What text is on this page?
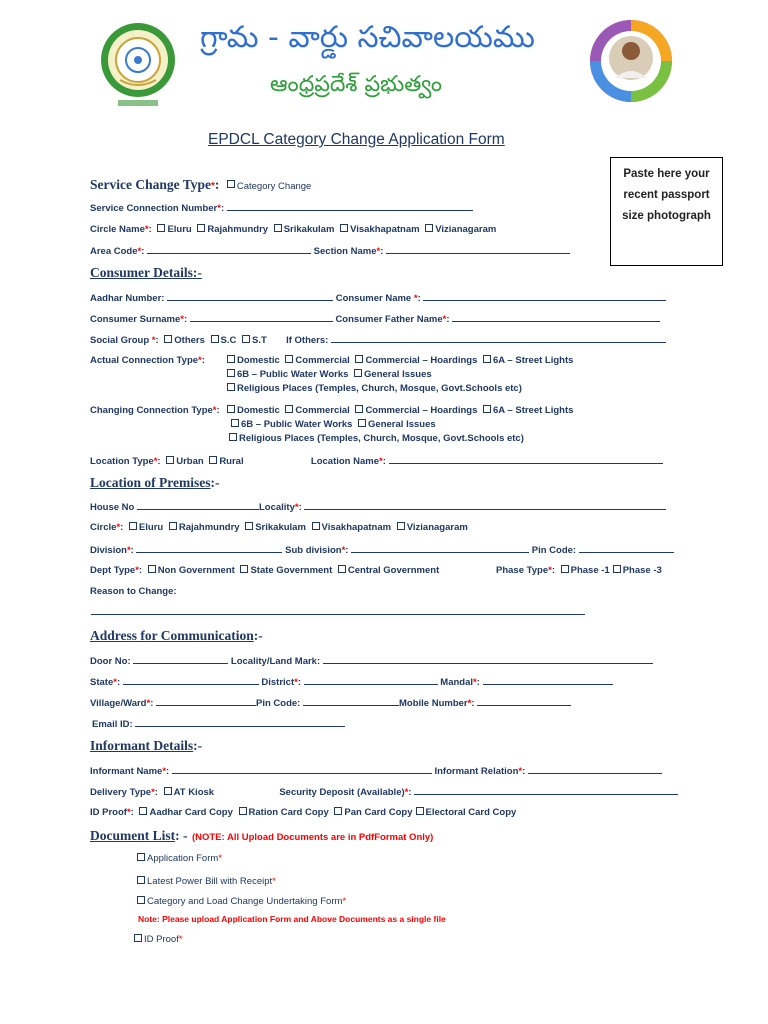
గ్రామ - వార్డు సచివాలయము
ఆంధ్రప్రదేశ్ ప్రభుత్వం
EPDCL Category Change Application Form
Paste here your recent passport size photograph
Service Change Type*: Category Change
Service Connection Number*:
Circle Name*: Eluru Rajahmundry Srikakulam Visakhapatnam Vizianagaram
Area Code*:	Section Name*:
Consumer Details:-
Aadhar Number:	Consumer Name *:
Consumer Surname*:	Consumer Father Name*:
Social Group *: Others S.C S.T If Others:
Actual Connection Type*:	Domestic Commercial Commercial – Hoardings 6A – Street Lights
6B – Public Water Works General Issues
Religious Places (Temples, Church, Mosque, Govt.Schools etc)
Changing Connection Type*:	Domestic Commercial Commercial – Hoardings 6A – Street Lights
6B – Public Water Works General Issues
Religious Places (Temples, Church, Mosque, Govt.Schools etc)
Location Type*: Urban Rural	Location Name*:
Location of Premises:-
House No	Locality*:
Circle*: Eluru Rajahmundry Srikakulam Visakhapatnam Vizianagaram
Division*:	Sub division*:	Pin Code:
Dept Type*: Non Government State Government Central Government	Phase Type*: Phase -1 Phase -3
Reason to Change:
Address for Communication:-
Door No:	Locality/Land Mark:
State*:	District*:	Mandal*:
Village/Ward*:	Pin Code:	Mobile Number*:
Email ID:
Informant Details:-
Informant Name*:	Informant Relation*:
Delivery Type*: AT Kiosk	Security Deposit (Available)*:
ID Proof*: Aadhar Card Copy Ration Card Copy Pan Card Copy Electoral Card Copy
Document List: - (NOTE: All Upload Documents are in PdfFormat Only)
Application Form*
Latest Power Bill with Receipt*
Category and Load Change Undertaking Form*
Note: Please upload Application Form and Above Documents as a single file
ID Proof*
